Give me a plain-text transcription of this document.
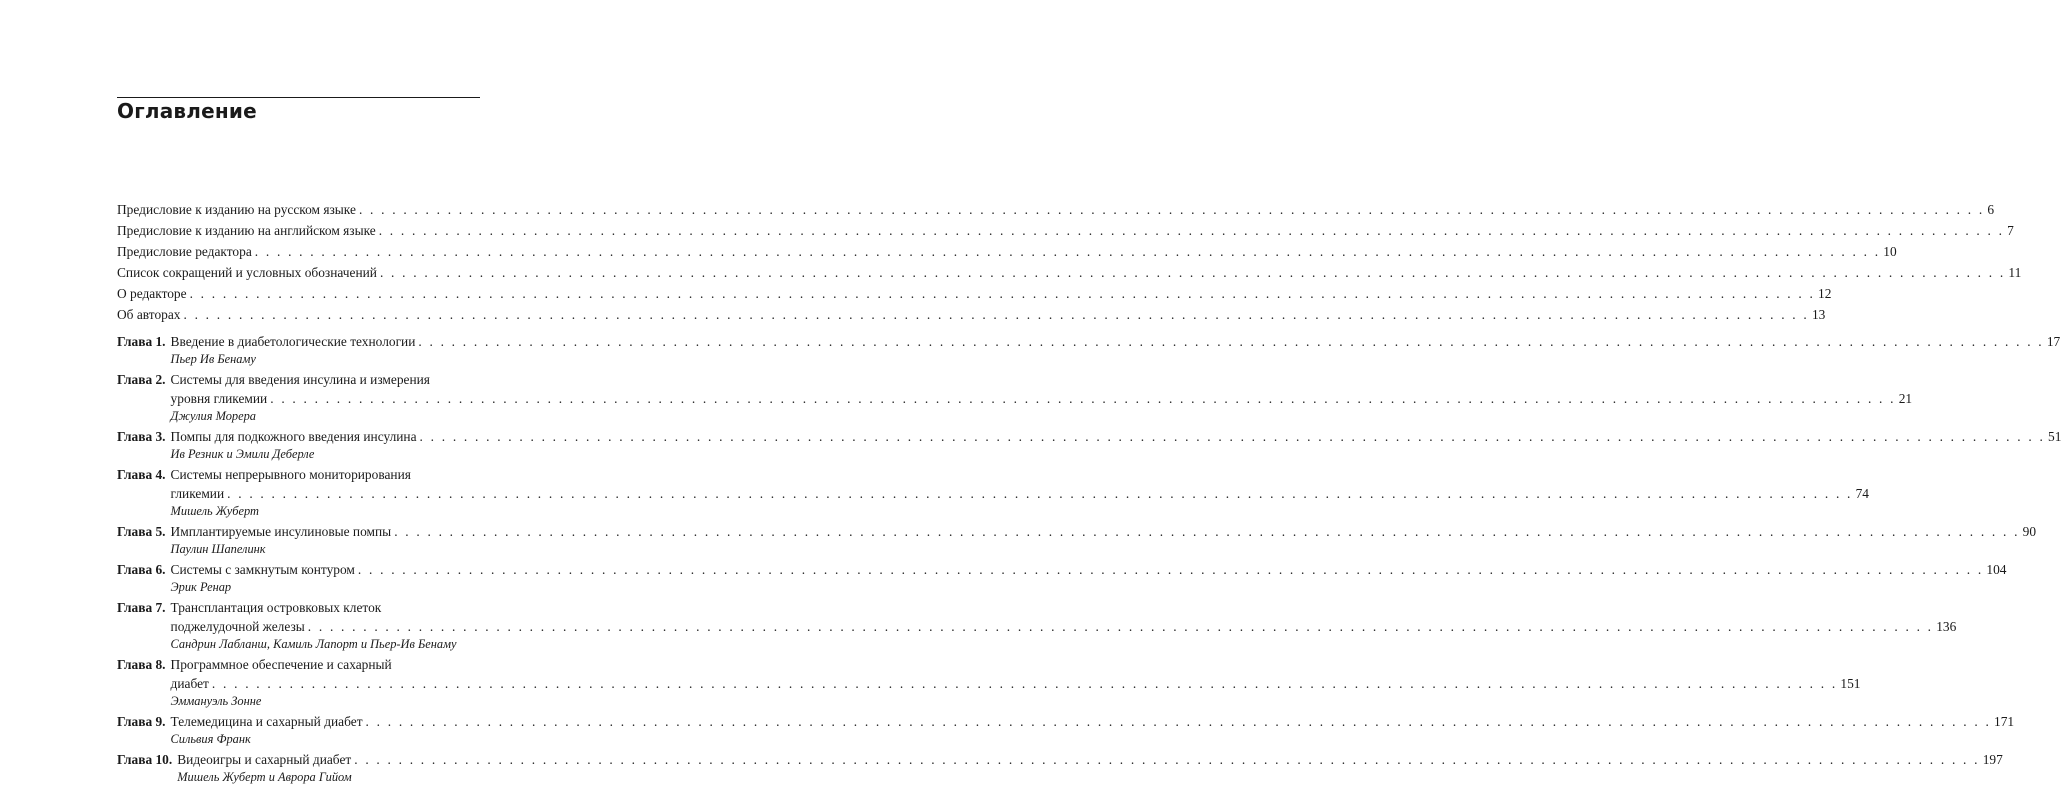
Оглавление
Предисловие к изданию на русском языке . . .	6
Предисловие к изданию на английском языке . . .	7
Предисловие редактора . . .	10
Список сокращений и условных обозначений . . .	11
О редакторе . . .	12
Об авторах . . .	13
Глава 1. Введение в диабетологические технологии . . .	17
Пьер Ив Бенаму
Глава 2. Системы для введения инсулина и измерения
уровня гликемии . . .	21
Джулия Морера
Глава 3. Помпы для подкожного введения инсулина . . .	51
Ив Резник и Эмили Деберле
Глава 4. Системы непрерывного мониторирования
гликемии . . .	74
Мишель Жуберт
Глава 5. Имплантируемые инсулиновые помпы . . .	90
Паулин Шапелинк
Глава 6. Системы с замкнутым контуром . . .	104
Эрик Ренар
Глава 7. Трансплантация островковых клеток
поджелудочной железы . . .	136
Сандрин Лабланш, Камиль Лапорт и Пьер-Ив Бенаму
Глава 8. Программное обеспечение и сахарный
диабет . . .	151
Эммануэль Зонне
Глава 9. Телемедицина и сахарный диабет . . .	171
Сильвия Франк
Глава 10. Видеоигры и сахарный диабет . . .	197
Мишель Жуберт и Аврора Гийом
